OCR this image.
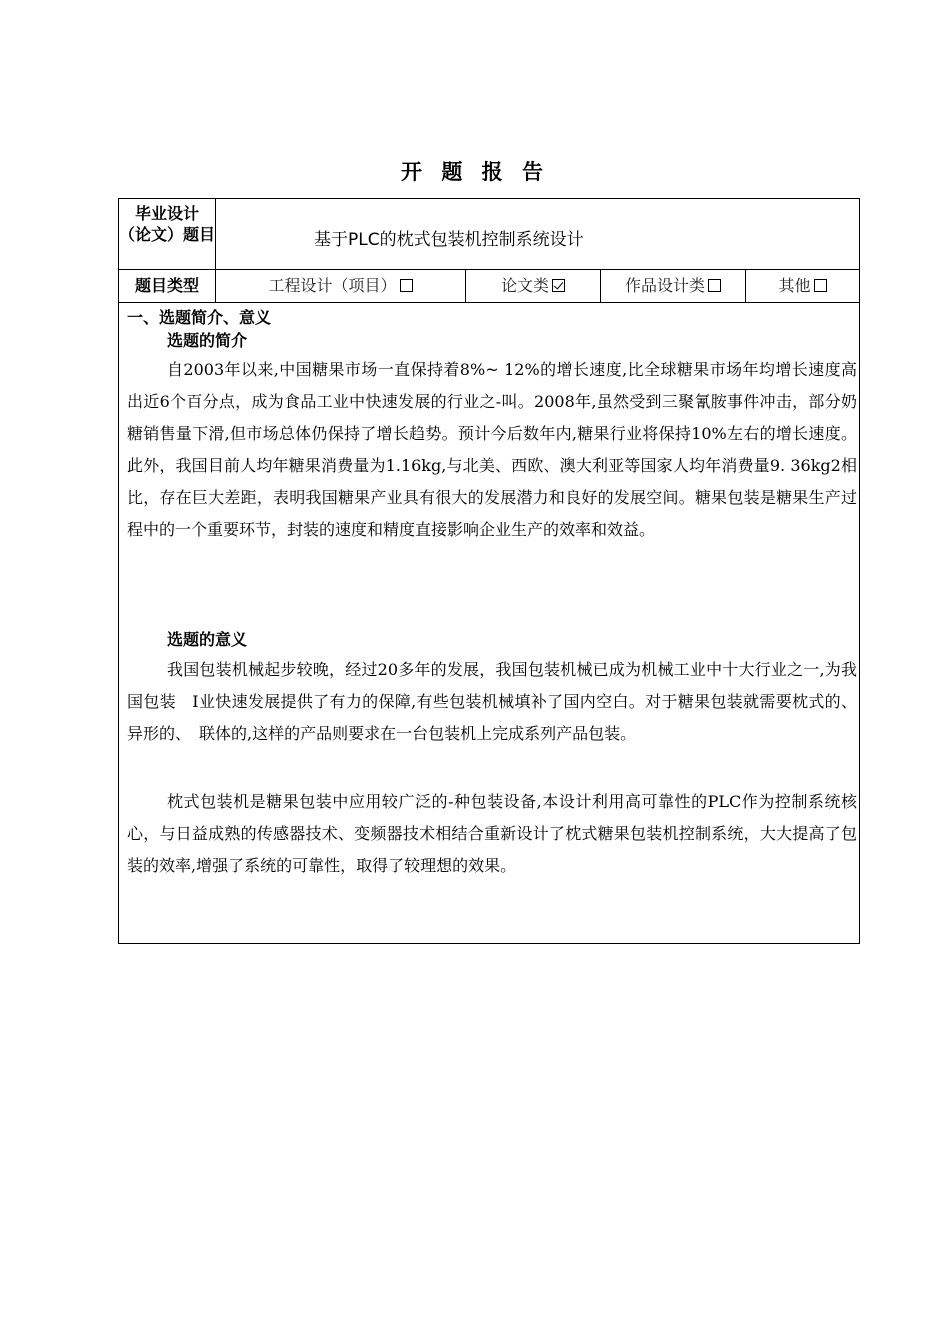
开 题 报 告
毕业设计
（论文）题目	基于PLC的枕式包装机控制系统设计
题目类型	工程设计（项目）	论文类	作品设计类	其他
一、选题简介、意义
选题的简介

自2003年以来,中国糖果市场一直保持着8%~ 12%的增长速度,比全球糖果市场年均增长速度高出近6个百分点，成为食品工业中快速发展的行业之-叫。2008年,虽然受到三聚氰胺事件冲击，部分奶糖销售量下滑,但市场总体仍保持了增长趋势。预计今后数年内,糖果行业将保持10%左右的增长速度。此外，我国目前人均年糖果消费量为1.16kg,与北美、西欧、澳大利亚等国家人均年消费量9. 36kg2相比，存在巨大差距，表明我国糖果产业具有很大的发展潜力和良好的发展空间。糖果包装是糖果生产过程中的一个重要环节，封装的速度和精度直接影响企业生产的效率和效益。

选题的意义

我国包装机械起步较晚，经过20多年的发展，我国包装机械已成为机械工业中十大行业之一,为我国包装　I业快速发展提供了有力的保障,有些包装机械填补了国内空白。对于糖果包装就需要枕式的、异形的、　联体的,这样的产品则要求在一台包装机上完成系列产品包装。

枕式包装机是糖果包装中应用较广泛的-种包装设备,本设计利用高可靠性的PLC作为控制系统核心，与日益成熟的传感器技术、变频器技术相结合重新设计了枕式糖果包装机控制系统，大大提高了包装的效率,增强了系统的可靠性，取得了较理想的效果。
